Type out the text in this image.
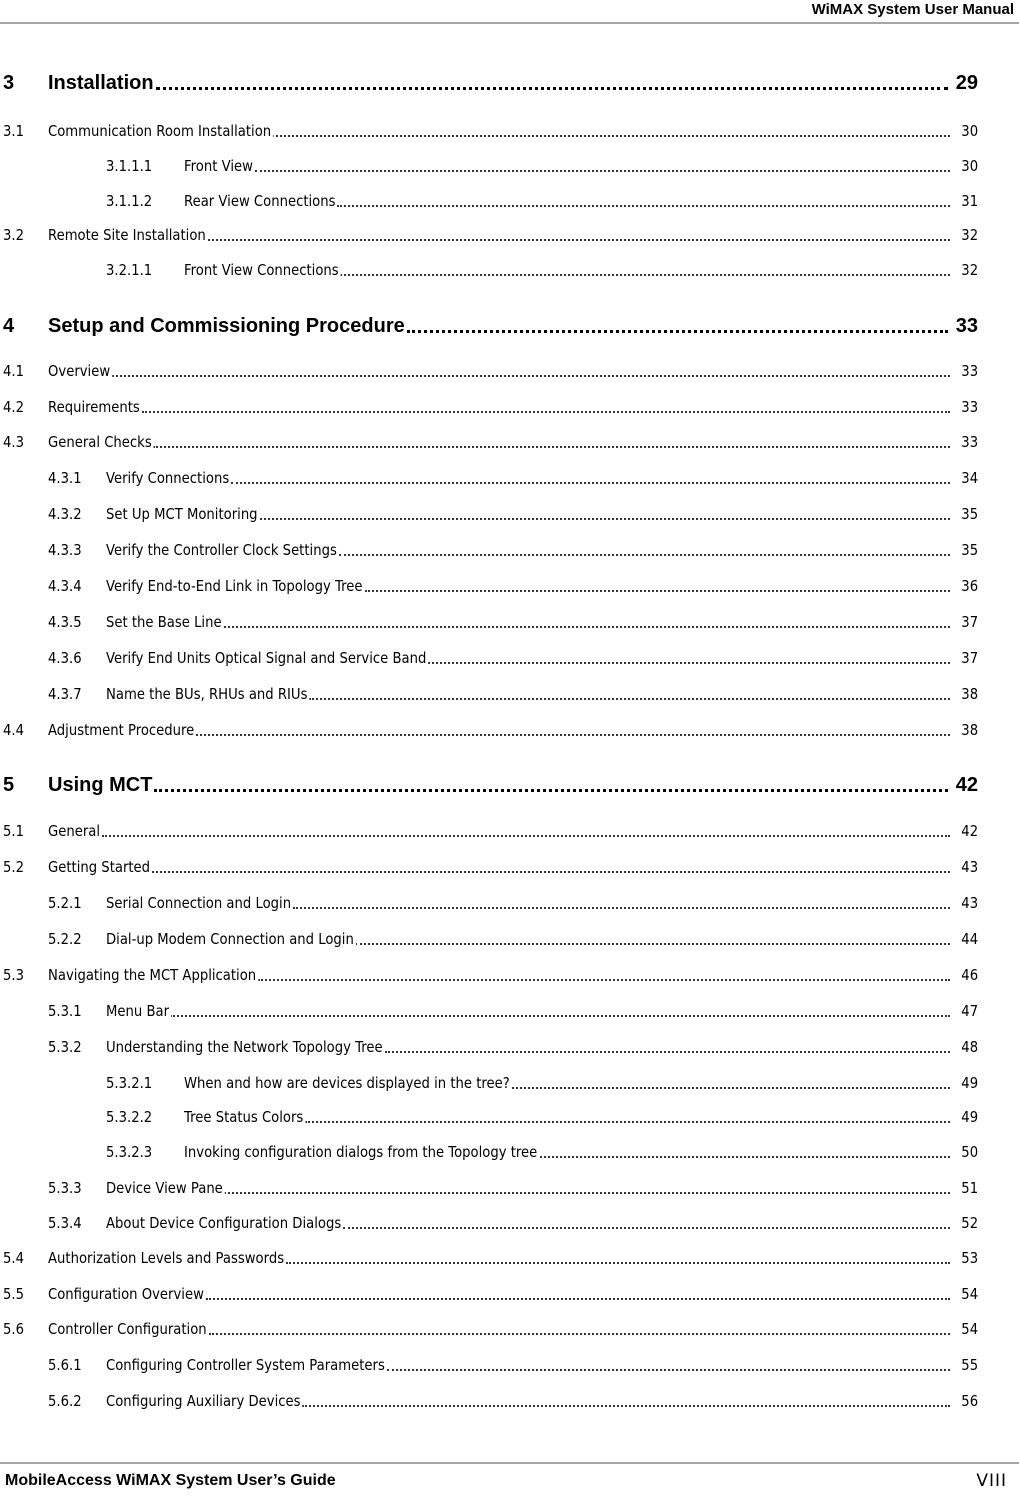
WiMAX System User Manual
3 Installation	29
3.1 Communication Room Installation	30
3.1.1.1 Front View	30
3.1.1.2 Rear View Connections	31
3.2 Remote Site Installation	32
3.2.1.1 Front View Connections	32
4 Setup and Commissioning Procedure	33
4.1 Overview	33
4.2 Requirements	33
4.3 General Checks	33
4.3.1 Verify Connections	34
4.3.2 Set Up MCT Monitoring	35
4.3.3 Verify the Controller Clock Settings	35
4.3.4 Verify End-to-End Link in Topology Tree	36
4.3.5 Set the Base Line	37
4.3.6 Verify End Units Optical Signal and Service Band	37
4.3.7 Name the BUs, RHUs and RIUs	38
4.4 Adjustment Procedure	38
5 Using MCT	42
5.1 General	42
5.2 Getting Started	43
5.2.1 Serial Connection and Login	43
5.2.2 Dial-up Modem Connection and Login	44
5.3 Navigating the MCT Application	46
5.3.1 Menu Bar	47
5.3.2 Understanding the Network Topology Tree	48
5.3.2.1 When and how are devices displayed in the tree?	49
5.3.2.2 Tree Status Colors	49
5.3.2.3 Invoking configuration dialogs from the Topology tree	50
5.3.3 Device View Pane	51
5.3.4 About Device Configuration Dialogs	52
5.4 Authorization Levels and Passwords	53
5.5 Configuration Overview	54
5.6 Controller Configuration	54
5.6.1 Configuring Controller System Parameters	55
5.6.2 Configuring Auxiliary Devices	56
MobileAccess WiMAX System User’s Guide	VIII
